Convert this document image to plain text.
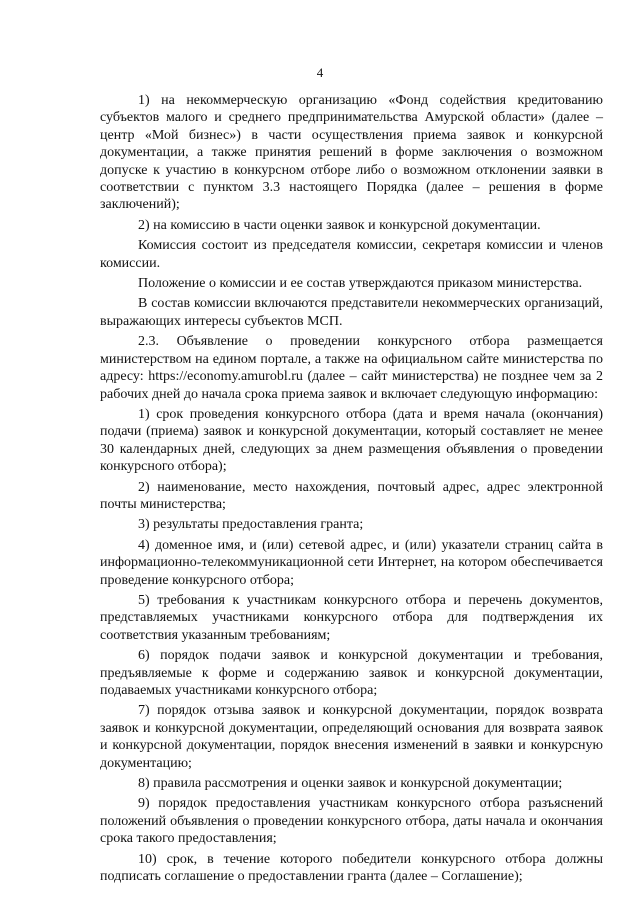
4

1) на некоммерческую организацию «Фонд содействия кредитованию субъектов малого и среднего предпринимательства Амурской области» (далее – центр «Мой бизнес») в части осуществления приема заявок и конкурсной документации, а также принятия решений в форме заключения о возможном допуске к участию в конкурсном отборе либо о возможном отклонении заявки в соответствии с пунктом 3.3 настоящего Порядка (далее – решения в форме заключений);

2) на комиссию в части оценки заявок и конкурсной документации.

Комиссия состоит из председателя комиссии, секретаря комиссии и членов комиссии.

Положение о комиссии и ее состав утверждаются приказом министерства.

В состав комиссии включаются представители некоммерческих организаций, выражающих интересы субъектов МСП.

2.3. Объявление о проведении конкурсного отбора размещается министерством на едином портале, а также на официальном сайте министерства по адресу: https://economy.amurobl.ru (далее – сайт министерства) не позднее чем за 2 рабочих дней до начала срока приема заявок и включает следующую информацию:

1) срок проведения конкурсного отбора (дата и время начала (окончания) подачи (приема) заявок и конкурсной документации, который составляет не менее 30 календарных дней, следующих за днем размещения объявления о проведении конкурсного отбора);

2) наименование, место нахождения, почтовый адрес, адрес электронной почты министерства;

3) результаты предоставления гранта;

4) доменное имя, и (или) сетевой адрес, и (или) указатели страниц сайта в информационно-телекоммуникационной сети Интернет, на котором обеспечивается проведение конкурсного отбора;

5) требования к участникам конкурсного отбора и перечень документов, представляемых участниками конкурсного отбора для подтверждения их соответствия указанным требованиям;

6) порядок подачи заявок и конкурсной документации и требования, предъявляемые к форме и содержанию заявок и конкурсной документации, подаваемых участниками конкурсного отбора;

7) порядок отзыва заявок и конкурсной документации, порядок возврата заявок и конкурсной документации, определяющий основания для возврата заявок и конкурсной документации, порядок внесения изменений в заявки и конкурсную документацию;

8) правила рассмотрения и оценки заявок и конкурсной документации;

9) порядок предоставления участникам конкурсного отбора разъяснений положений объявления о проведении конкурсного отбора, даты начала и окончания срока такого предоставления;

10) срок, в течение которого победители конкурсного отбора должны подписать соглашение о предоставлении гранта (далее – Соглашение);
